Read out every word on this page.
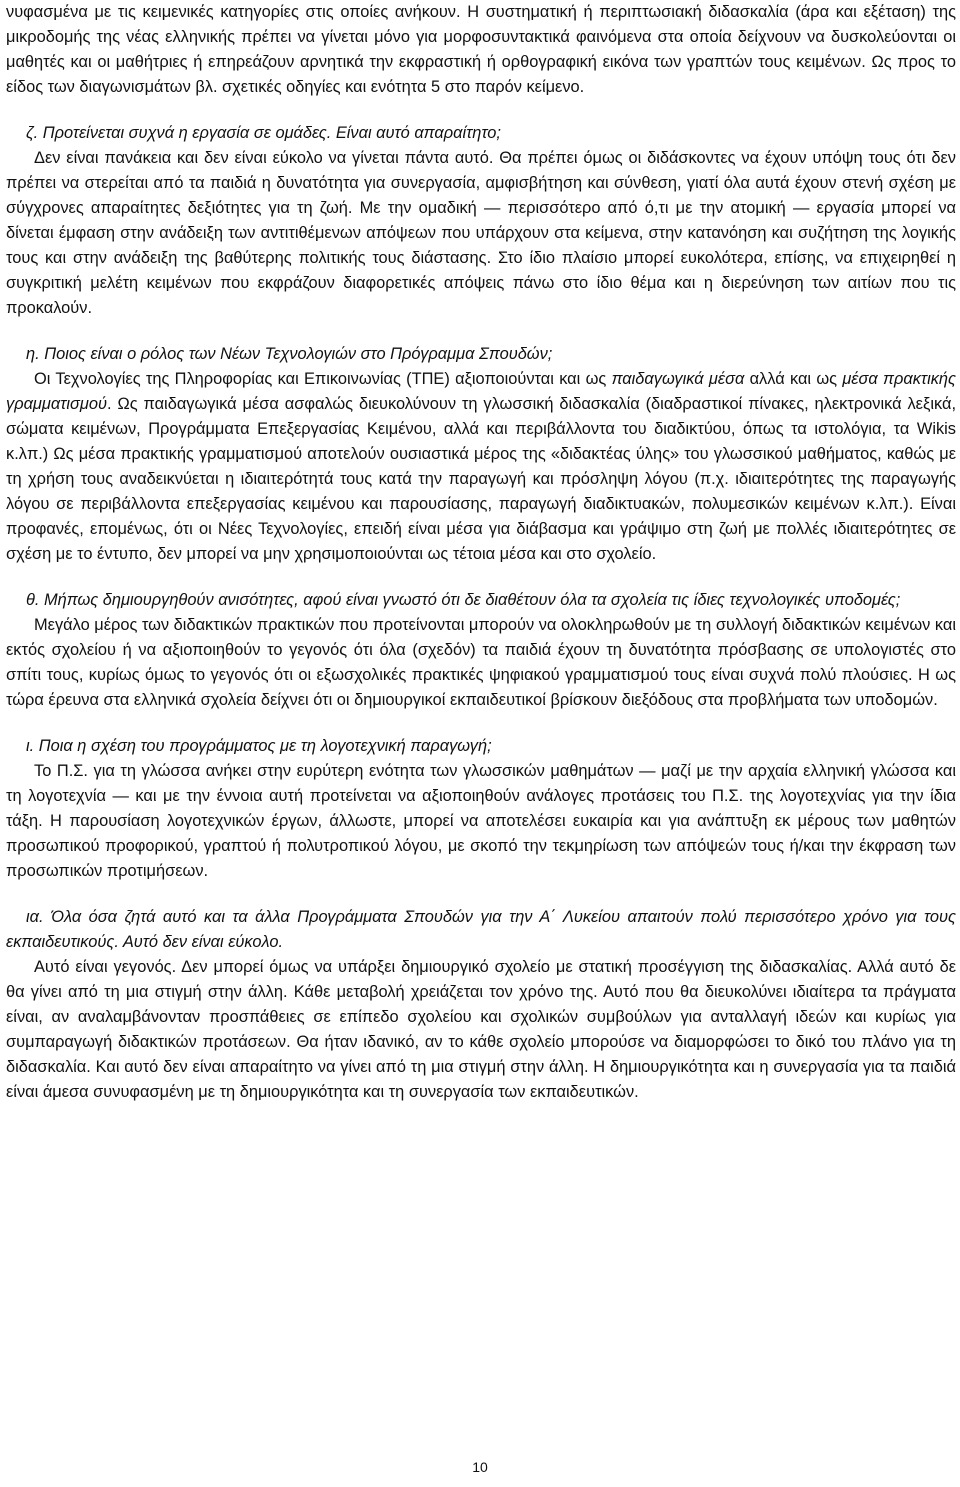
νυφασμένα με τις κειμενικές κατηγορίες στις οποίες ανήκουν. Η συστηματική ή περιπτωσιακή διδασκαλία (άρα και εξέταση) της μικροδομής της νέας ελληνικής πρέπει να γίνεται μόνο για μορφοσυντακτικά φαινόμενα στα οποία δείχνουν να δυσκολεύονται οι μαθητές και οι μαθήτριες ή επηρεάζουν αρνητικά την εκφραστική ή ορθογραφική εικόνα των γραπτών τους κειμένων. Ως προς το είδος των διαγωνισμάτων βλ. σχετικές οδηγίες και ενότητα 5 στο παρόν κείμενο.

ζ. Προτείνεται συχνά η εργασία σε ομάδες. Είναι αυτό απαραίτητο;

Δεν είναι πανάκεια και δεν είναι εύκολο να γίνεται πάντα αυτό. Θα πρέπει όμως οι διδάσκοντες να έχουν υπόψη τους ότι δεν πρέπει να στερείται από τα παιδιά η δυνατότητα για συνεργασία, αμφισβήτηση και σύνθεση, γιατί όλα αυτά έχουν στενή σχέση με σύγχρονες απαραίτητες δεξιότητες για τη ζωή. Με την ομαδική — περισσότερο από ό,τι με την ατομική — εργασία μπορεί να δίνεται έμφαση στην ανάδειξη των αντιτιθέμενων απόψεων που υπάρχουν στα κείμενα, στην κατανόηση και συζήτηση της λογικής τους και στην ανάδειξη της βαθύτερης πολιτικής τους διάστασης. Στο ίδιο πλαίσιο μπορεί ευκολότερα, επίσης, να επιχειρηθεί η συγκριτική μελέτη κειμένων που εκφράζουν διαφορετικές απόψεις πάνω στο ίδιο θέμα και η διερεύνηση των αιτίων που τις προκαλούν.

η. Ποιος είναι ο ρόλος των Νέων Τεχνολογιών στο Πρόγραμμα Σπουδών;

Οι Τεχνολογίες της Πληροφορίας και Επικοινωνίας (ΤΠΕ) αξιοποιούνται και ως παιδαγωγικά μέσα αλλά και ως μέσα πρακτικής γραμματισμού. Ως παιδαγωγικά μέσα ασφαλώς διευκολύνουν τη γλωσσική διδασκαλία (διαδραστικοί πίνακες, ηλεκτρονικά λεξικά, σώματα κειμένων, Προγράμματα Επεξεργασίας Κειμένου, αλλά και περιβάλλοντα του διαδικτύου, όπως τα ιστολόγια, τα Wikis κ.λπ.) Ως μέσα πρακτικής γραμματισμού αποτελούν ουσιαστικά μέρος της «διδακτέας ύλης» του γλωσσικού μαθήματος, καθώς με τη χρήση τους αναδεικνύεται η ιδιαιτερότητά τους κατά την παραγωγή και πρόσληψη λόγου (π.χ. ιδιαιτερότητες της παραγωγής λόγου σε περιβάλλοντα επεξεργασίας κειμένου και παρουσίασης, παραγωγή διαδικτυακών, πολυμεσικών κειμένων κ.λπ.). Είναι προφανές, επομένως, ότι οι Νέες Τεχνολογίες, επειδή είναι μέσα για διάβασμα και γράψιμο στη ζωή με πολλές ιδιαιτερότητες σε σχέση με το έντυπο, δεν μπορεί να μην χρησιμοποιούνται ως τέτοια μέσα και στο σχολείο.

θ. Μήπως δημιουργηθούν ανισότητες, αφού είναι γνωστό ότι δε διαθέτουν όλα τα σχολεία τις ίδιες τεχνολογικές υποδομές;

Μεγάλο μέρος των διδακτικών πρακτικών που προτείνονται μπορούν να ολοκληρωθούν με τη συλλογή διδακτικών κειμένων και εκτός σχολείου ή να αξιοποιηθούν το γεγονός ότι όλα (σχεδόν) τα παιδιά έχουν τη δυνατότητα πρόσβασης σε υπολογιστές στο σπίτι τους, κυρίως όμως το γεγονός ότι οι εξωσχολικές πρακτικές ψηφιακού γραμματισμού τους είναι συχνά πολύ πλούσιες. Η ως τώρα έρευνα στα ελληνικά σχολεία δείχνει ότι οι δημιουργικοί εκπαιδευτικοί βρίσκουν διεξόδους στα προβλήματα των υποδομών.

ι. Ποια η σχέση του προγράμματος με τη λογοτεχνική παραγωγή;

Το Π.Σ. για τη γλώσσα ανήκει στην ευρύτερη ενότητα των γλωσσικών μαθημάτων — μαζί με την αρχαία ελληνική γλώσσα και τη λογοτεχνία — και με την έννοια αυτή προτείνεται να αξιοποιηθούν ανάλογες προτάσεις του Π.Σ. της λογοτεχνίας για την ίδια τάξη. Η παρουσίαση λογοτεχνικών έργων, άλλωστε, μπορεί να αποτελέσει ευκαιρία και για ανάπτυξη εκ μέρους των μαθητών προσωπικού προφορικού, γραπτού ή πολυτροπικού λόγου, με σκοπό την τεκμηρίωση των απόψεών τους ή/και την έκφραση των προσωπικών προτιμήσεων.

ια. Όλα όσα ζητά αυτό και τα άλλα Προγράμματα Σπουδών για την Α΄ Λυκείου απαιτούν πολύ περισσότερο χρόνο για τους εκπαιδευτικούς. Αυτό δεν είναι εύκολο.

Αυτό είναι γεγονός. Δεν μπορεί όμως να υπάρξει δημιουργικό σχολείο με στατική προσέγγιση της διδασκαλίας. Αλλά αυτό δε θα γίνει από τη μια στιγμή στην άλλη. Κάθε μεταβολή χρειάζεται τον χρόνο της. Αυτό που θα διευκολύνει ιδιαίτερα τα πράγματα είναι, αν αναλαμβάνονταν προσπάθειες σε επίπεδο σχολείου και σχολικών συμβούλων για ανταλλαγή ιδεών και κυρίως για συμπαραγωγή διδακτικών προτάσεων. Θα ήταν ιδανικό, αν το κάθε σχολείο μπορούσε να διαμορφώσει το δικό του πλάνο για τη διδασκαλία. Και αυτό δεν είναι απαραίτητο να γίνει από τη μια στιγμή στην άλλη. Η δημιουργικότητα και η συνεργασία για τα παιδιά είναι άμεσα συνυφασμένη με τη δημιουργικότητα και τη συνεργασία των εκπαιδευτικών.

10
